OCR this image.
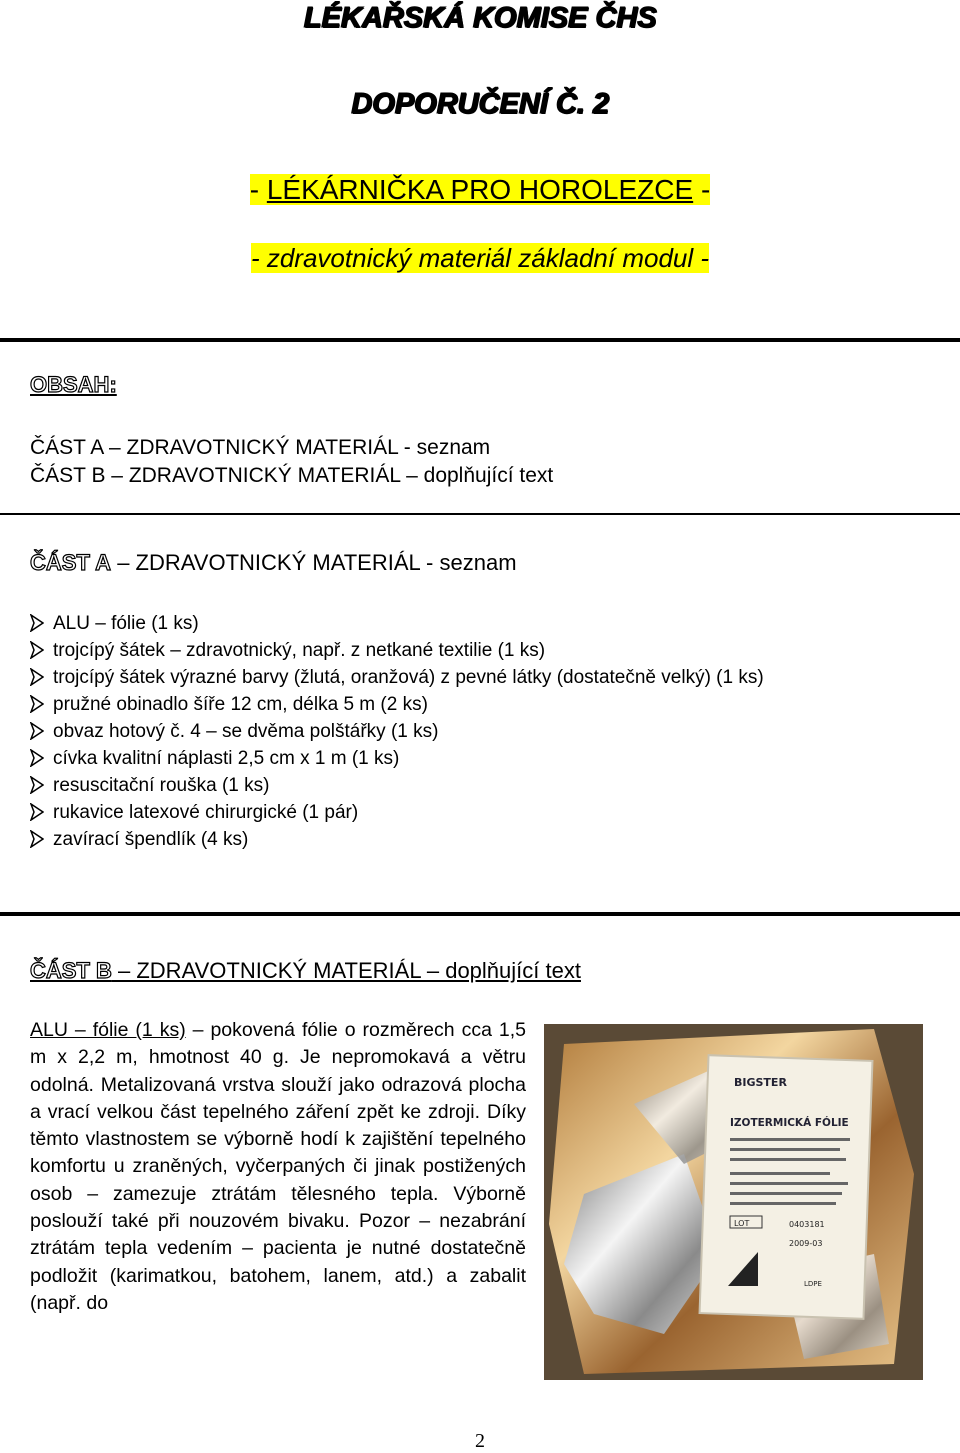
LÉKAŘSKÁ KOMISE ČHS
DOPORUČENÍ Č. 2
- LÉKÁRNIČKA PRO HOROLEZCE -
- zdravotnický materiál základní modul -
OBSAH:
ČÁST A – ZDRAVOTNICKÝ MATERIÁL - seznam
ČÁST B – ZDRAVOTNICKÝ MATERIÁL – doplňující text
ČÁST A – ZDRAVOTNICKÝ MATERIÁL - seznam
ALU – fólie (1 ks)
trojcípý šátek – zdravotnický, např. z netkané textilie (1 ks)
trojcípý šátek výrazné barvy (žlutá, oranžová) z pevné látky (dostatečně velký) (1 ks)
pružné obinadlo šíře 12 cm, délka 5 m (2 ks)
obvaz hotový č. 4 – se dvěma polštářky (1 ks)
cívka kvalitní náplasti 2,5 cm x 1 m (1 ks)
resuscitační rouška (1 ks)
rukavice latexové chirurgické (1 pár)
zavírací špendlík (4 ks)
ČÁST B – ZDRAVOTNICKÝ MATERIÁL – doplňující text
ALU – fólie (1 ks) – pokovená fólie o rozměrech cca 1,5 m x 2,2 m, hmotnost 40 g. Je nepromokavá a větru odolná. Metalizovaná vrstva slouží jako odrazová plocha a vrací velkou část tepelného záření zpět ke zdroji. Díky těmto vlastnostem se výborně hodí k zajištění tepelného komfortu u zraněných, vyčerpaných či jinak postižených osob – zamezuje ztrátám tělesného tepla. Výborně poslouží také při nouzovém bivaku. Pozor – nezabrání ztrátám tepla vedením – pacienta je nutné dostatečně podložit (karimatkou, batohem, lanem, atd.) a zabalit (např. do
BIGSTER
IZOTERMICKÁ FÓLIE
LOT	0403181
2009-03
LDPE
2
